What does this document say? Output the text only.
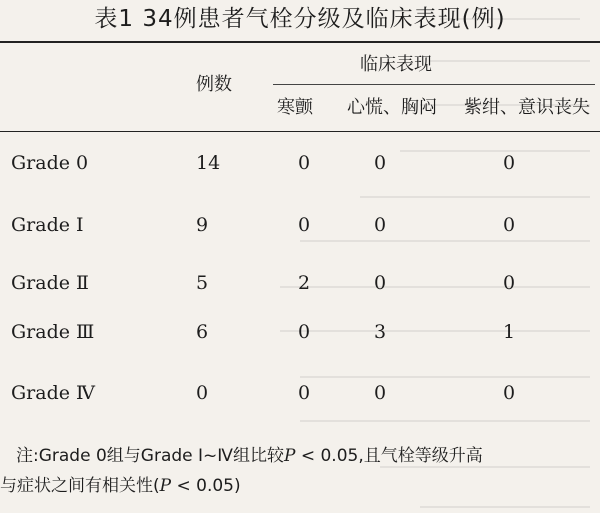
表1 34例患者气栓分级及临床表现(例)
例数
临床表现
寒颤 心慌、胸闷 紫绀、意识丧失
Grade 0	14	0	0	0
Grade Ⅰ	9	0	0	0
Grade Ⅱ	5	2	0	0
Grade Ⅲ	6	0	3	1
Grade Ⅳ	0	0	0	0
注:Grade 0组与Grade Ⅰ~Ⅳ组比较P < 0.05,且气栓等级升高
与症状之间有相关性(P < 0.05)
